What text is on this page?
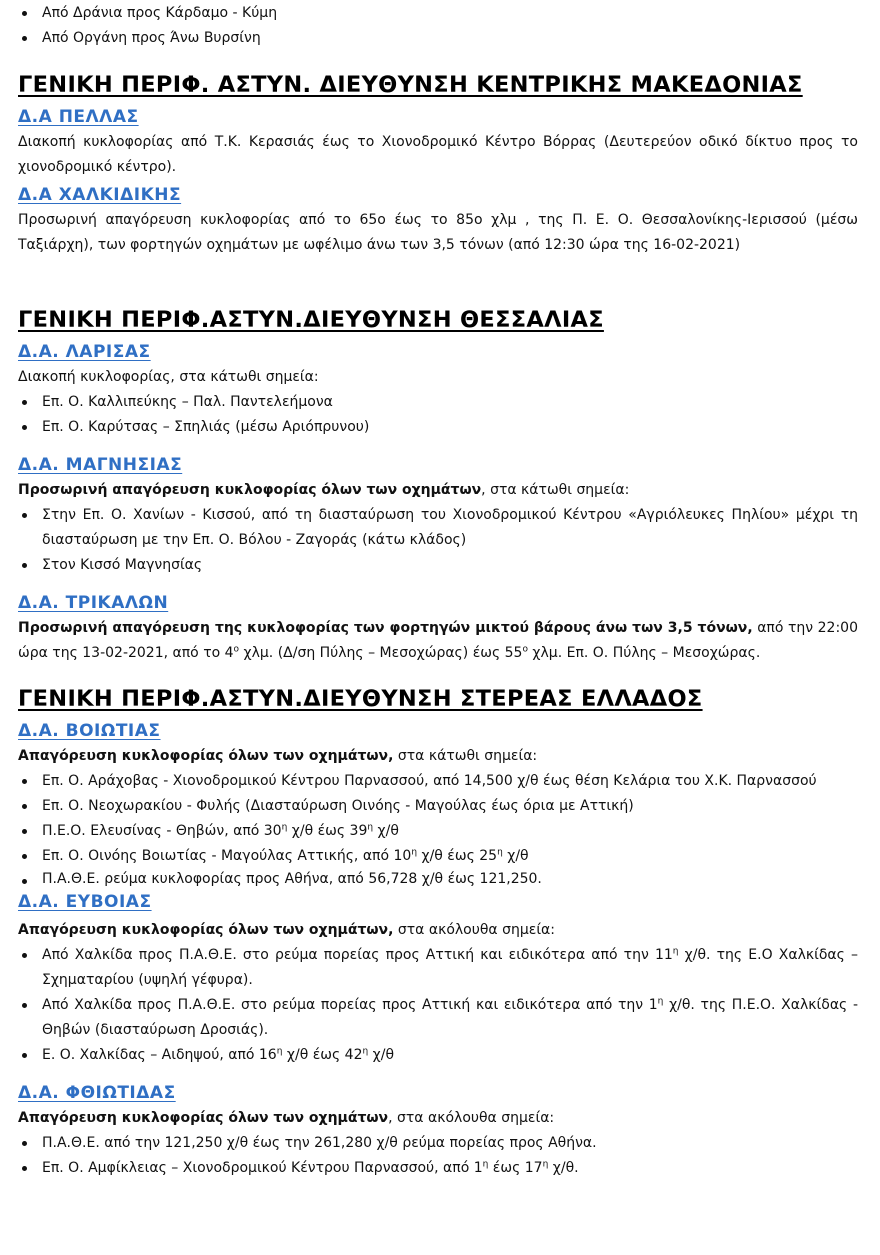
Από Δράνια προς Κάρδαμο - Κύμη
Από Οργάνη προς Άνω Βυρσίνη
ΓΕΝΙΚΗ ΠΕΡΙΦ. ΑΣΤΥΝ. ΔΙΕΥΘΥΝΣΗ ΚΕΝΤΡΙΚΗΣ ΜΑΚΕΔΟΝΙΑΣ
Δ.Α ΠΕΛΛΑΣ

Διακοπή κυκλοφορίας από Τ.Κ. Κερασιάς έως το Χιονοδρομικό Κέντρο Βόρρας (Δευτερεύον οδικό δίκτυο προς το χιονοδρομικό κέντρο).

Δ.Α ΧΑΛΚΙΔΙΚΗΣ

Προσωρινή απαγόρευση κυκλοφορίας από το 65ο έως το 85ο χλμ , της Π. Ε. Ο. Θεσσαλονίκης-Ιερισσού (μέσω Ταξιάρχη), των φορτηγών οχημάτων με ωφέλιμο άνω των 3,5 τόνων (από 12:30 ώρα της 16-02-2021)

ΓΕΝΙΚΗ ΠΕΡΙΦ.ΑΣΤΥΝ.ΔΙΕΥΘΥΝΣΗ ΘΕΣΣΑΛΙΑΣ
Δ.Α. ΛΑΡΙΣΑΣ

Διακοπή κυκλοφορίας, στα κάτωθι σημεία:

Επ. Ο. Καλλιπεύκης – Παλ. Παντελεήμονα
Επ. Ο. Καρύτσας – Σπηλιάς (μέσω Αριόπρυνου)
Δ.Α. ΜΑΓΝΗΣΙΑΣ

Προσωρινή απαγόρευση κυκλοφορίας όλων των οχημάτων, στα κάτωθι σημεία:

Στην Επ. Ο. Χανίων - Κισσού, από τη διασταύρωση του Χιονοδρομικού Κέντρου «Αγριόλευκες Πηλίου» μέχρι τη διασταύρωση με την Επ. Ο. Βόλου - Ζαγοράς (κάτω κλάδος)
Στον Κισσό Μαγνησίας
Δ.Α. ΤΡΙΚΑΛΩΝ

Προσωρινή απαγόρευση της κυκλοφορίας των φορτηγών μικτού βάρους άνω των 3,5 τόνων, από την 22:00 ώρα της 13-02-2021, από το $4^o$ χλμ. (Δ/ση Πύλης – Μεσοχώρας) έως $55^o$ χλμ. Επ. Ο. Πύλης – Μεσοχώρας.

ΓΕΝΙΚΗ ΠΕΡΙΦ.ΑΣΤΥΝ.ΔΙΕΥΘΥΝΣΗ ΣΤΕΡΕΑΣ ΕΛΛΑΔΟΣ
Δ.Α. ΒΟΙΩΤΙΑΣ

Απαγόρευση κυκλοφορίας όλων των οχημάτων, στα κάτωθι σημεία:

Επ. Ο. Αράχοβας - Χιονοδρομικού Κέντρου Παρνασσού, από 14,500 χ/θ έως θέση Κελάρια του Χ.Κ. Παρνασσού
Επ. Ο. Νεοχωρακίου - Φυλής (Διασταύρωση Οινόης - Μαγούλας έως όρια με Αττική)
Π.Ε.Ο. Ελευσίνας - Θηβών, από $30^\eta$ χ/θ έως $39^\eta$ χ/θ
Επ. Ο. Οινόης Βοιωτίας - Μαγούλας Αττικής, από $10^\eta$ χ/θ έως $25^\eta$ χ/θ
Π.Α.Θ.Ε. ρεύμα κυκλοφορίας προς Αθήνα, από 56,728 χ/θ έως 121,250.
Δ.Α. ΕΥΒΟΙΑΣ

Απαγόρευση κυκλοφορίας όλων των οχημάτων, στα ακόλουθα σημεία:

Από Χαλκίδα προς Π.Α.Θ.Ε. στο ρεύμα πορείας προς Αττική και ειδικότερα από την $11^\eta$ χ/θ. της Ε.Ο Χαλκίδας – Σχηματαρίου (υψηλή γέφυρα).
Από Χαλκίδα προς Π.Α.Θ.Ε. στο ρεύμα πορείας προς Αττική και ειδικότερα από την $1^\eta$ χ/θ. της Π.Ε.Ο. Χαλκίδας - Θηβών (διασταύρωση Δροσιάς).
Ε. Ο. Χαλκίδας – Αιδηψού, από $16^\eta$ χ/θ έως $42^\eta$ χ/θ
Δ.Α. ΦΘΙΩΤΙΔΑΣ

Απαγόρευση κυκλοφορίας όλων των οχημάτων, στα ακόλουθα σημεία:

Π.Α.Θ.Ε. από την 121,250 χ/θ έως την 261,280 χ/θ ρεύμα πορείας προς Αθήνα.
Επ. Ο. Αμφίκλειας – Χιονοδρομικού Κέντρου Παρνασσού, από $1^\eta$ έως $17^\eta$ χ/θ.
